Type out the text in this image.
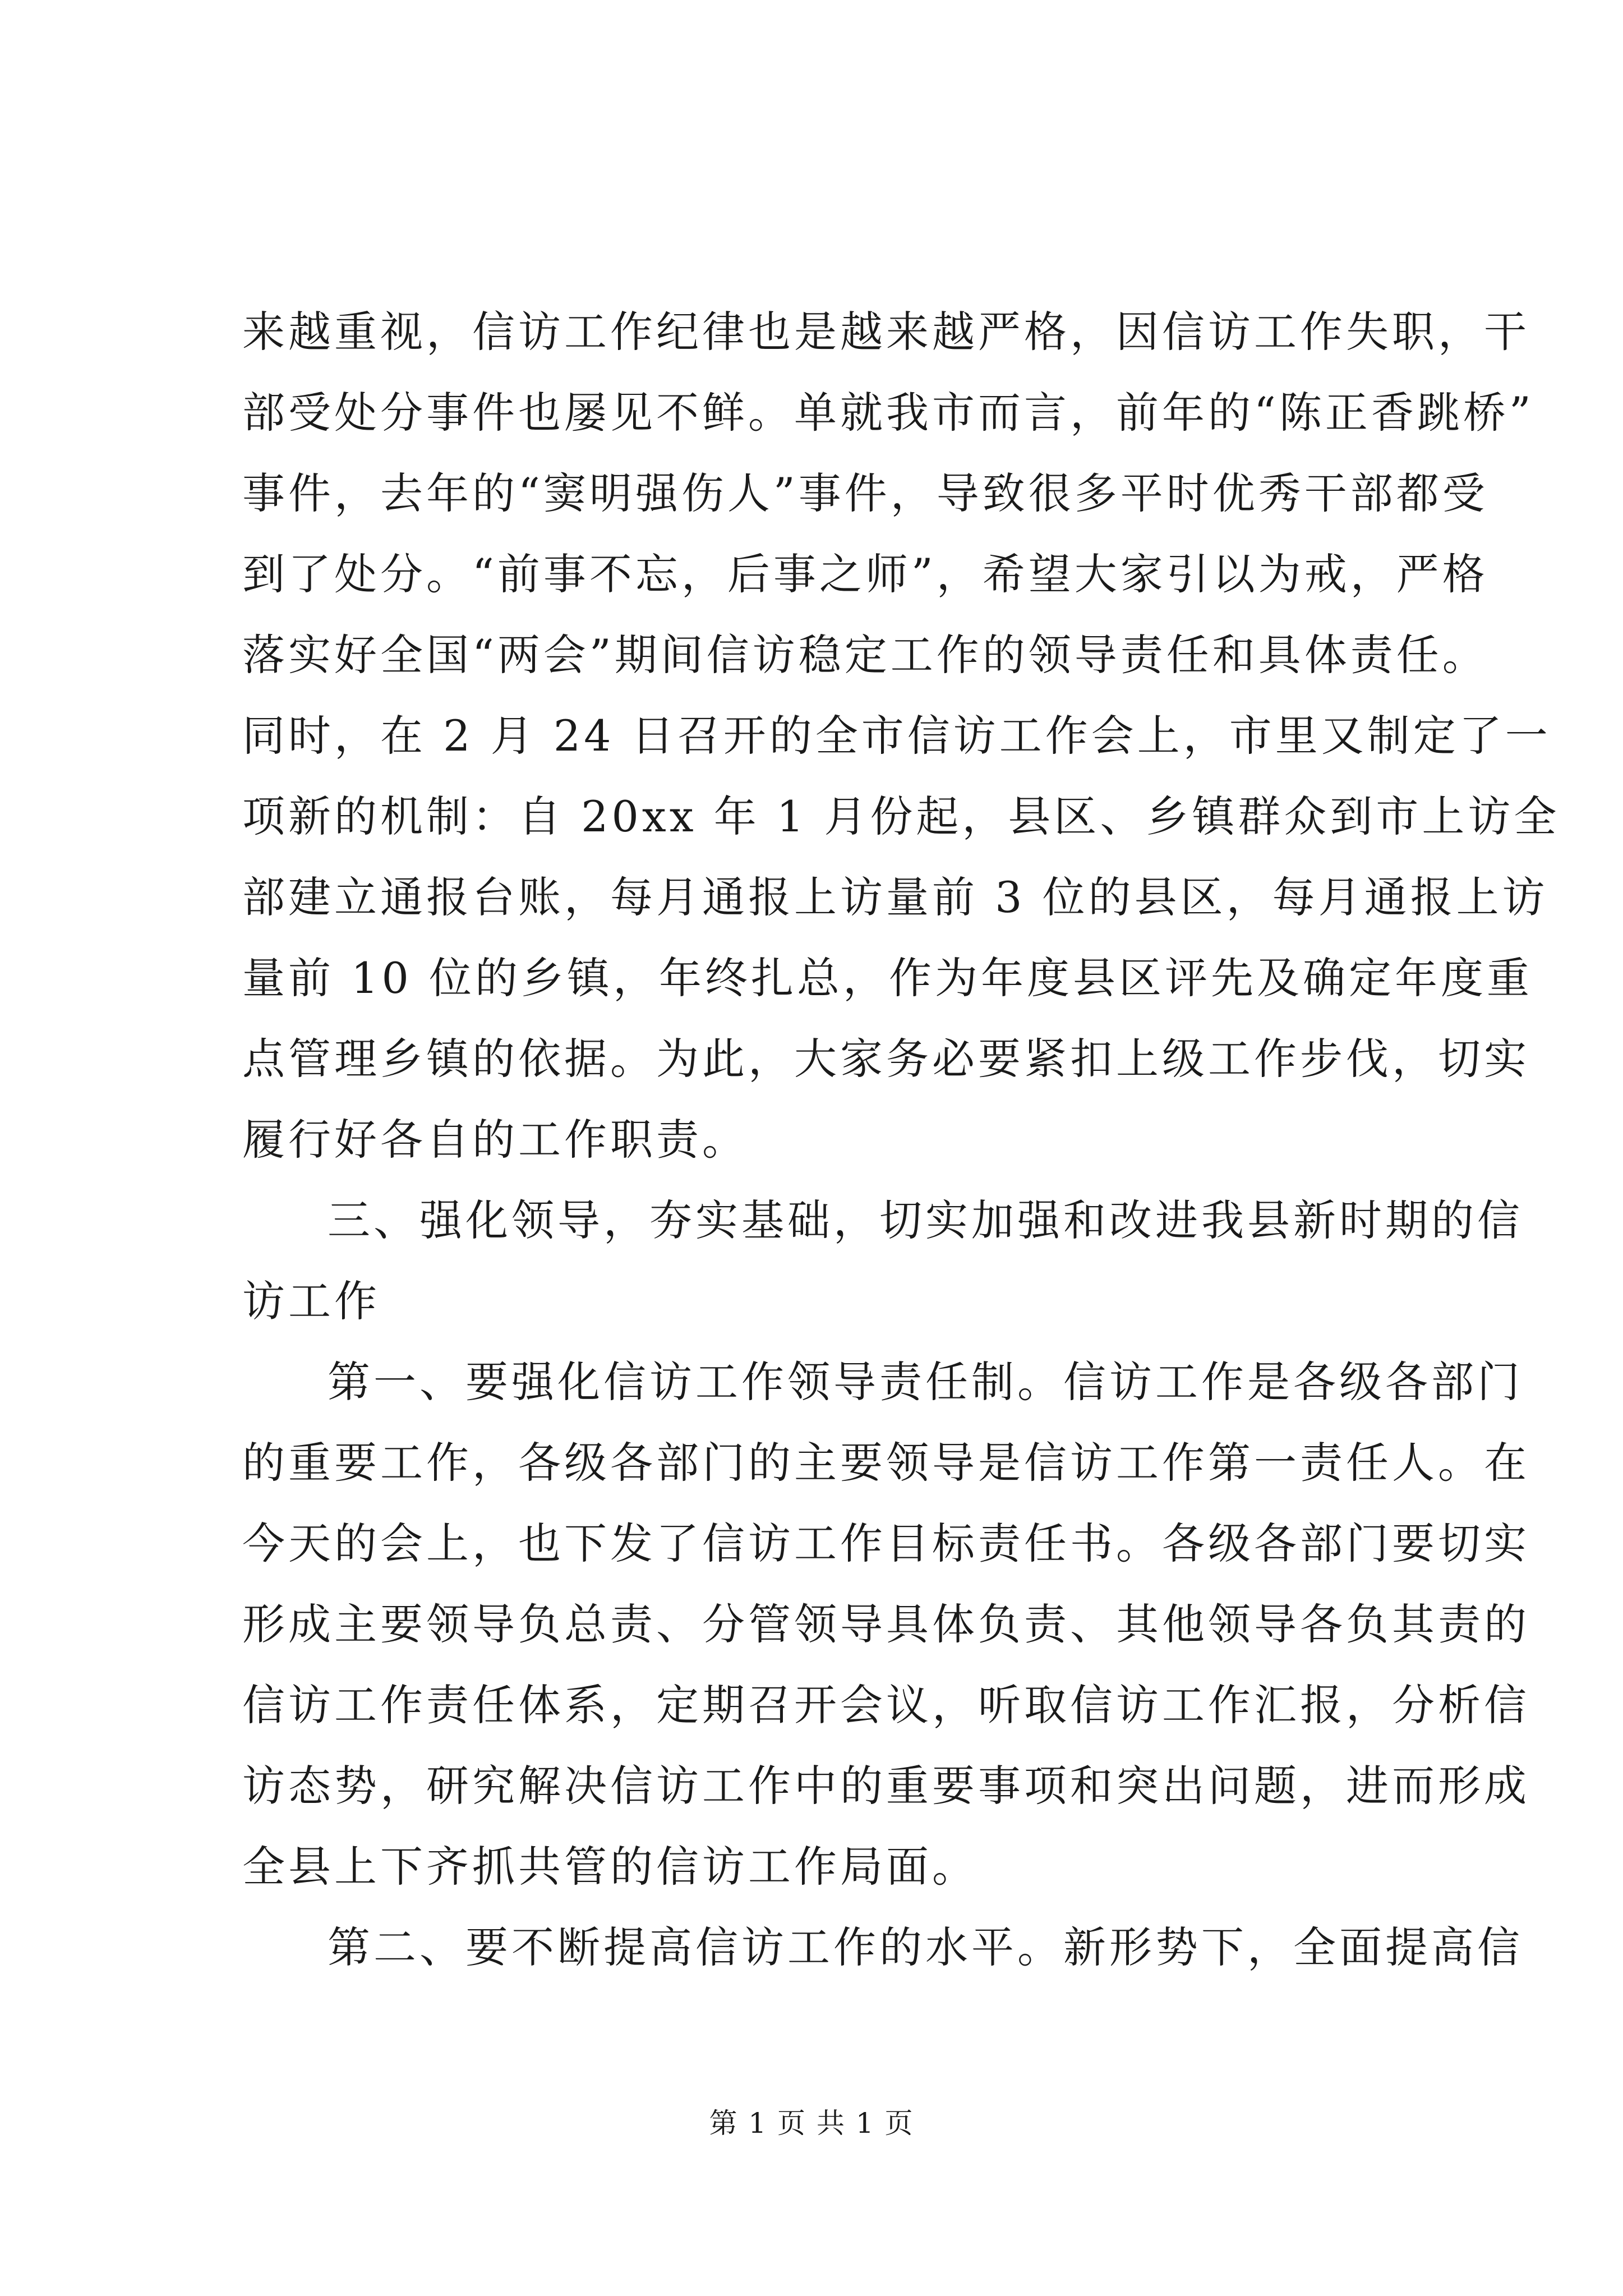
来越重视，信访工作纪律也是越来越严格，因信访工作失职，干
部受处分事件也屡见不鲜。单就我市而言，前年的“陈正香跳桥”
事件，去年的“窦明强伤人”事件，导致很多平时优秀干部都受
到了处分。“前事不忘，后事之师”，希望大家引以为戒，严格
落实好全国“两会”期间信访稳定工作的领导责任和具体责任。
同时，在 2 月 24 日召开的全市信访工作会上，市里又制定了一
项新的机制：自 20xx 年 1 月份起，县区、乡镇群众到市上访全
部建立通报台账，每月通报上访量前 3 位的县区，每月通报上访
量前 10 位的乡镇，年终扎总，作为年度县区评先及确定年度重
点管理乡镇的依据。为此，大家务必要紧扣上级工作步伐，切实
履行好各自的工作职责。
三、强化领导，夯实基础，切实加强和改进我县新时期的信
访工作
第一、要强化信访工作领导责任制。信访工作是各级各部门
的重要工作，各级各部门的主要领导是信访工作第一责任人。在
今天的会上，也下发了信访工作目标责任书。各级各部门要切实
形成主要领导负总责、分管领导具体负责、其他领导各负其责的
信访工作责任体系，定期召开会议，听取信访工作汇报，分析信
访态势，研究解决信访工作中的重要事项和突出问题，进而形成
全县上下齐抓共管的信访工作局面。
第二、要不断提高信访工作的水平。新形势下，全面提高信
第 1 页 共 1 页
